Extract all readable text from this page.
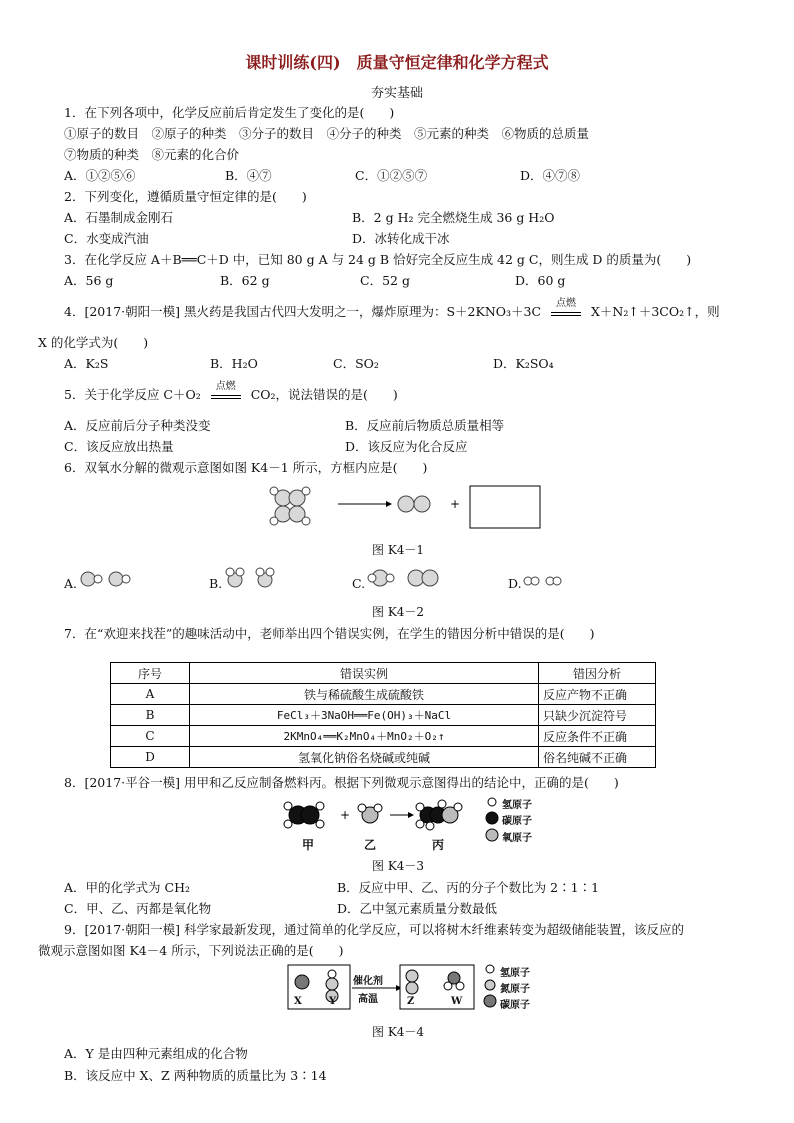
课时训练(四)　质量守恒定律和化学方程式
夯实基础
1．在下列各项中，化学反应前后肯定发生了变化的是(　　)
①原子的数目　②原子的种类　③分子的数目　④分子的种类　⑤元素的种类　⑥物质的总质量
⑦物质的种类　⑧元素的化合价
A．①②⑤⑥	B．④⑦	C．①②⑤⑦	D．④⑦⑧
2．下列变化，遵循质量守恒定律的是(　　)
A．石墨制成金刚石	B．2 g H₂ 完全燃烧生成 36 g H₂O
C．水变成汽油	D．冰转化成干冰
3．在化学反应 A＋B══C＋D 中，已知 80 g A 与 24 g B 恰好完全反应生成 42 g C，则生成 D 的质量为(　　)
A．56 g	B．62 g	C．52 g	D．60 g
4．[2017·朝阳一模] 黑火药是我国古代四大发明之一，爆炸原理为：S＋2KNO₃＋3C
点燃
X＋N₂↑＋3CO₂↑，则
X 的化学式为(　　)
A．K₂S	B．H₂O	C．SO₂	D．K₂SO₄
5．关于化学反应 C＋O₂
点燃
CO₂，说法错误的是(　　)
A．反应前后分子种类没变	B．反应前后物质总质量相等
C．该反应放出热量	D．该反应为化合反应
6．双氧水分解的微观示意图如图 K4－1 所示，方框内应是(　　)
+
图 K4－1
A.	B.	C.	D.
图 K4－2
7．在“欢迎来找茬”的趣味活动中，老师举出四个错误实例，在学生的错因分析中错误的是(　　)
序号	错误实例	错因分析
A	铁与稀硫酸生成硫酸铁	反应产物不正确
B	FeCl₃＋3NaOH══Fe(OH)₃＋NaCl	只缺少沉淀符号
C	2KMnO₄══K₂MnO₄＋MnO₂＋O₂↑	反应条件不正确
D	氢氧化钠俗名烧碱或纯碱	俗名纯碱不正确
8．[2017·平谷一模] 用甲和乙反应制备燃料丙。根据下列微观示意图得出的结论中，正确的是(　　)
+
甲	乙	丙
氢原子
碳原子
氧原子
图 K4－3
A．甲的化学式为 CH₂	B．反应中甲、乙、丙的分子个数比为 2∶1∶1
C．甲、乙、丙都是氧化物	D．乙中氢元素质量分数最低
9．[2017·朝阳一模] 科学家最新发现，通过简单的化学反应，可以将树木纤维素转变为超级储能装置，该反应的
微观示意图如图 K4－4 所示，下列说法正确的是(　　)
X	Y
催化剂
高温	Z	W
氢原子
氮原子
碳原子
图 K4－4
A．Y 是由四种元素组成的化合物
B．该反应中 X、Z 两种物质的质量比为 3∶14
